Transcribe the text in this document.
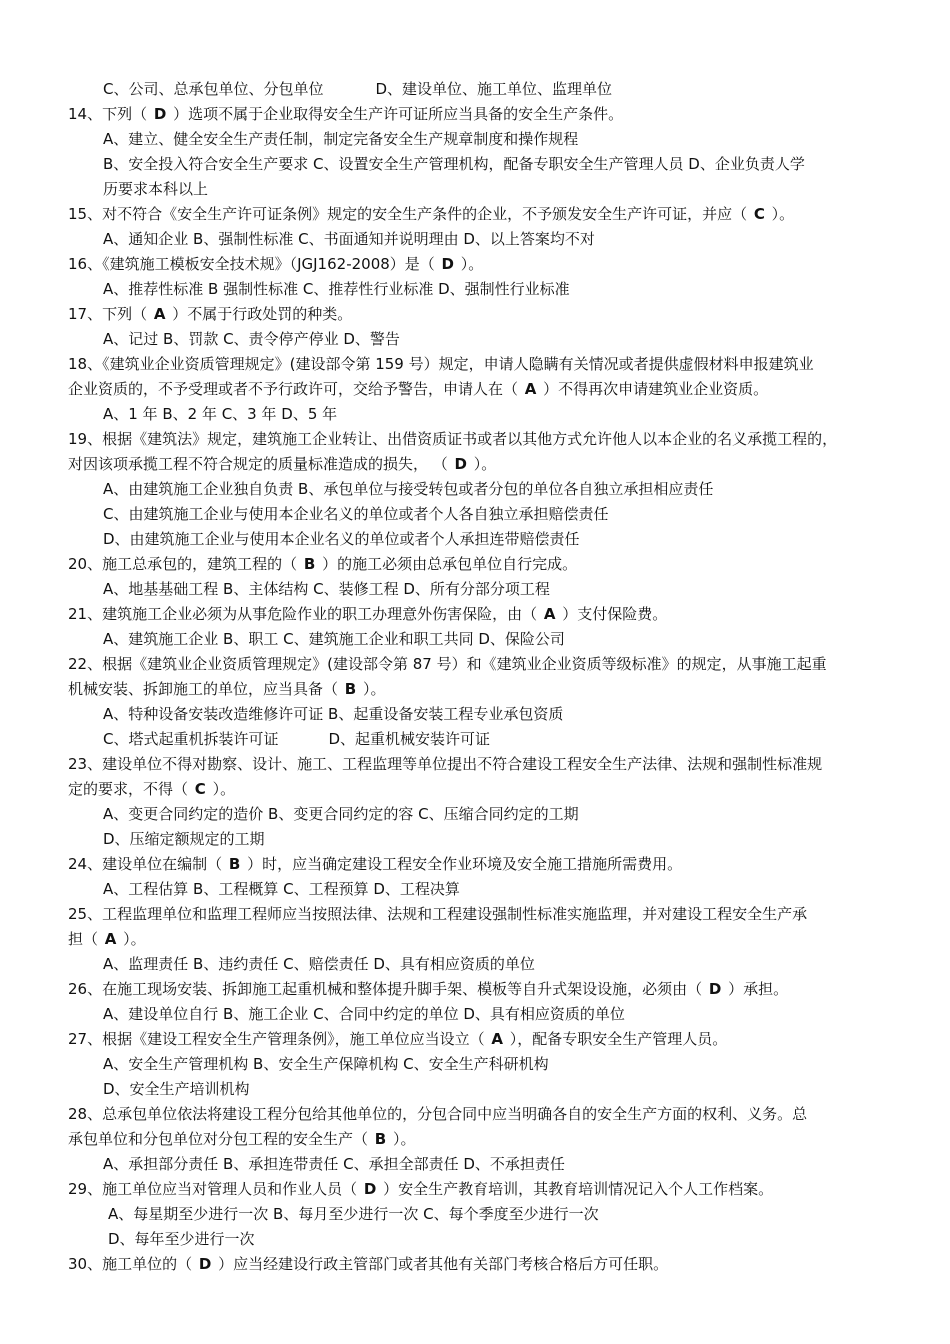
C、公司、总承包单位、分包单位	D、建设单位、施工单位、监理单位
14、下列（ D ）选项不属于企业取得安全生产许可证所应当具备的安全生产条件。
A、建立、健全安全生产责任制，制定完备安全生产规章制度和操作规程
B、安全投入符合安全生产要求 C、设置安全生产管理机构，配备专职安全生产管理人员 D、企业负责人学
历要求本科以上
15、对不符合《安全生产许可证条例》规定的安全生产条件的企业，不予颁发安全生产许可证，并应（ C ）。
A、通知企业 B、强制性标准 C、书面通知并说明理由 D、以上答案均不对
16、《建筑施工模板安全技术规》（JGJ162-2008）是（ D ）。
A、推荐性标准 B 强制性标准 C、推荐性行业标准 D、强制性行业标准
17、下列（ A ）不属于行政处罚的种类。
A、记过 B、罚款 C、责令停产停业 D、警告
18、《建筑业企业资质管理规定》(建设部令第 159 号）规定，申请人隐瞒有关情况或者提供虚假材料申报建筑业
企业资质的，不予受理或者不予行政许可，交给予警告，申请人在（ A ）不得再次申请建筑业企业资质。
A、1 年 B、2 年 C、3 年 D、5 年
19、根据《建筑法》规定，建筑施工企业转让、出借资质证书或者以其他方式允许他人以本企业的名义承揽工程的，
对因该项承揽工程不符合规定的质量标准造成的损失， （ D ）。
A、由建筑施工企业独自负责 B、承包单位与接受转包或者分包的单位各自独立承担相应责任
C、由建筑施工企业与使用本企业名义的单位或者个人各自独立承担赔偿责任
D、由建筑施工企业与使用本企业名义的单位或者个人承担连带赔偿责任
20、施工总承包的，建筑工程的（ B ）的施工必须由总承包单位自行完成。
A、地基基础工程 B、主体结构 C、装修工程 D、所有分部分项工程
21、建筑施工企业必须为从事危险作业的职工办理意外伤害保险，由（ A ）支付保险费。
A、建筑施工企业 B、职工 C、建筑施工企业和职工共同 D、保险公司
22、根据《建筑业企业资质管理规定》(建设部令第 87 号）和《建筑业企业资质等级标准》的规定，从事施工起重
机械安装、拆卸施工的单位，应当具备（ B ）。
A、特种设备安装改造维修许可证 B、起重设备安装工程专业承包资质
C、塔式起重机拆装许可证	D、起重机械安装许可证
23、建设单位不得对勘察、设计、施工、工程监理等单位提出不符合建设工程安全生产法律、法规和强制性标准规
定的要求，不得（ C ）。
A、变更合同约定的造价 B、变更合同约定的容 C、压缩合同约定的工期
D、压缩定额规定的工期
24、建设单位在编制（ B ）时，应当确定建设工程安全作业环境及安全施工措施所需费用。
A、工程估算 B、工程概算 C、工程预算 D、工程决算
25、工程监理单位和监理工程师应当按照法律、法规和工程建设强制性标准实施监理，并对建设工程安全生产承
担（ A ）。
A、监理责任 B、违约责任 C、赔偿责任 D、具有相应资质的单位
26、在施工现场安装、拆卸施工起重机械和整体提升脚手架、模板等自升式架设设施，必须由（ D ）承担。
A、建设单位自行 B、施工企业 C、合同中约定的单位 D、具有相应资质的单位
27、根据《建设工程安全生产管理条例》，施工单位应当设立（ A ），配备专职安全生产管理人员。
A、安全生产管理机构 B、安全生产保障机构 C、安全生产科研机构
D、安全生产培训机构
28、总承包单位依法将建设工程分包给其他单位的，分包合同中应当明确各自的安全生产方面的权利、义务。总
承包单位和分包单位对分包工程的安全生产（ B ）。
A、承担部分责任 B、承担连带责任 C、承担全部责任 D、不承担责任
29、施工单位应当对管理人员和作业人员（ D ）安全生产教育培训，其教育培训情况记入个人工作档案。
A、每星期至少进行一次 B、每月至少进行一次 C、每个季度至少进行一次
D、每年至少进行一次
30、施工单位的（ D ）应当经建设行政主管部门或者其他有关部门考核合格后方可任职。
